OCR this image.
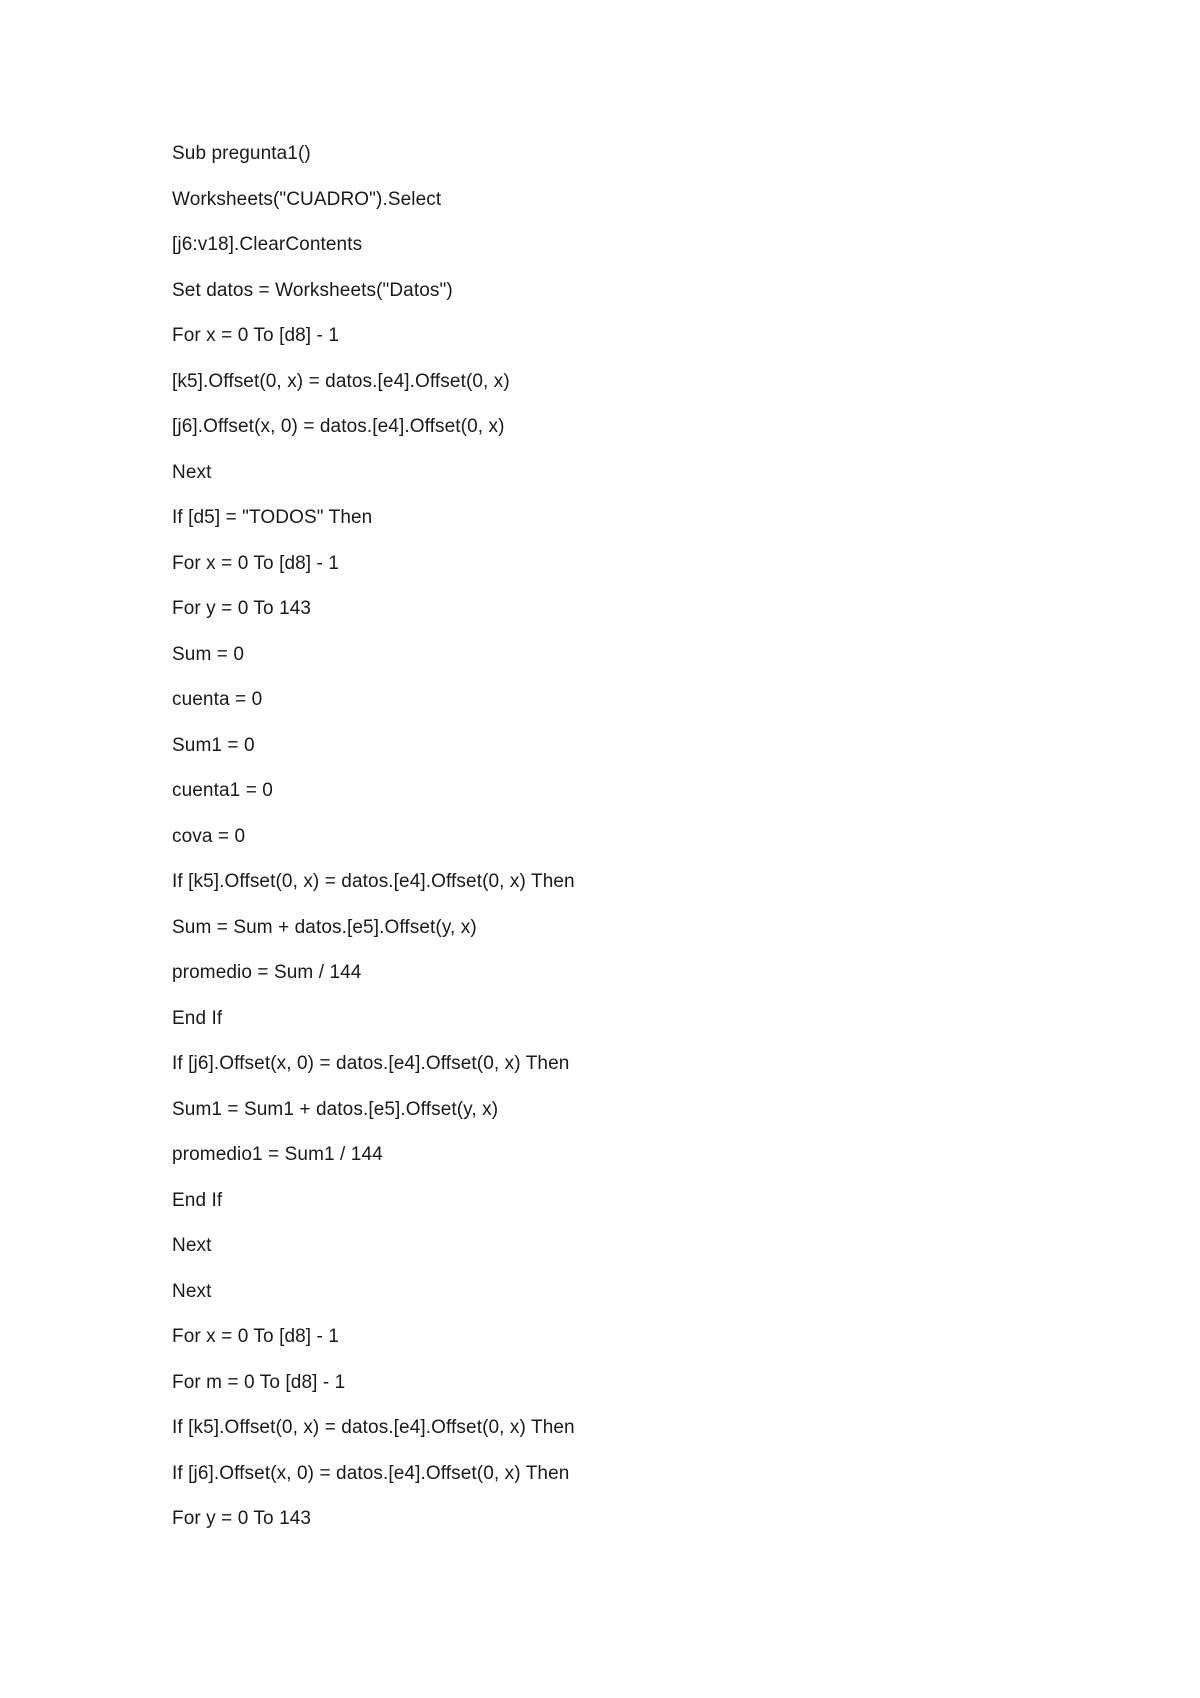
Sub pregunta1()
Worksheets("CUADRO").Select
[j6:v18].ClearContents
Set datos = Worksheets("Datos")
For x = 0 To [d8] - 1
[k5].Offset(0, x) = datos.[e4].Offset(0, x)
[j6].Offset(x, 0) = datos.[e4].Offset(0, x)
Next
If [d5] = "TODOS" Then
For x = 0 To [d8] - 1
For y = 0 To 143
Sum = 0
cuenta = 0
Sum1 = 0
cuenta1 = 0
cova = 0
If [k5].Offset(0, x) = datos.[e4].Offset(0, x) Then
Sum = Sum + datos.[e5].Offset(y, x)
promedio = Sum / 144
End If
If [j6].Offset(x, 0) = datos.[e4].Offset(0, x) Then
Sum1 = Sum1 + datos.[e5].Offset(y, x)
promedio1 = Sum1 / 144
End If
Next
Next
For x = 0 To [d8] - 1
For m = 0 To [d8] - 1
If [k5].Offset(0, x) = datos.[e4].Offset(0, x) Then
If [j6].Offset(x, 0) = datos.[e4].Offset(0, x) Then
For y = 0 To 143
